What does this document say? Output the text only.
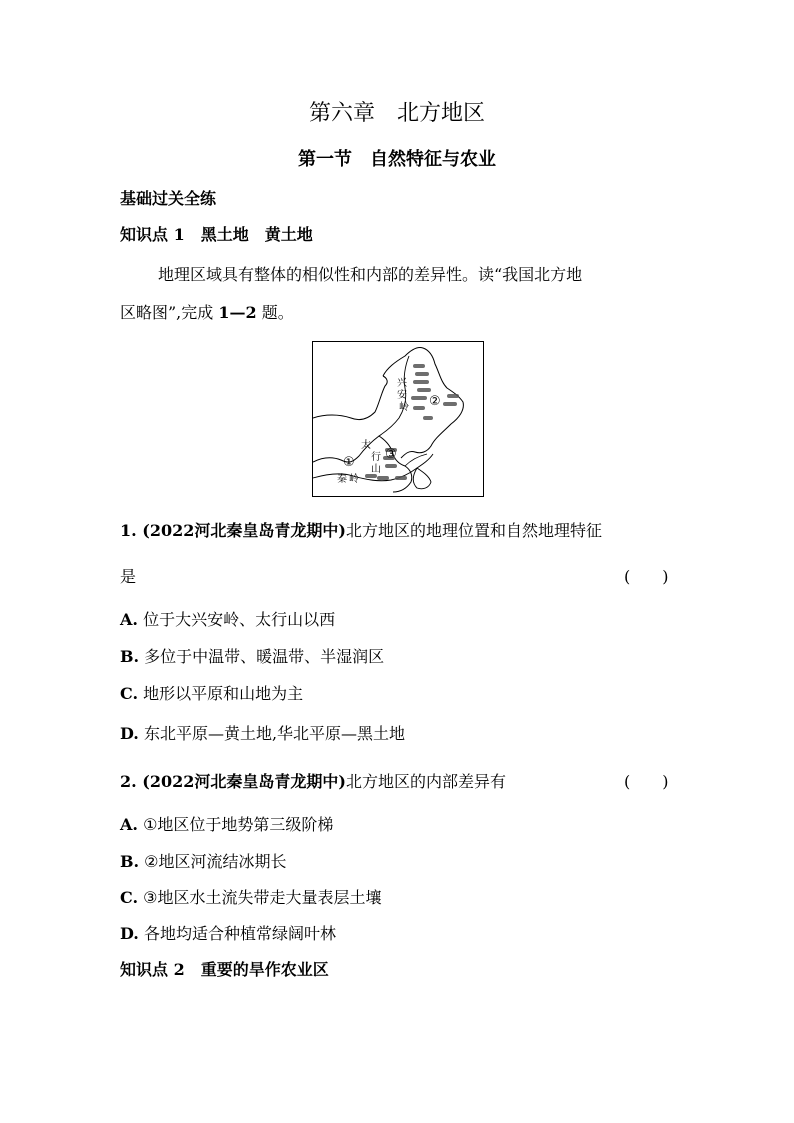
第六章　北方地区
第一节　自然特征与农业
基础过关全练
知识点 1　黑土地　黄土地
地理区域具有整体的相似性和内部的差异性。读“我国北方地
区略图”,完成 1—2 题。
兴
安
岭 ②
太
行
山
①
③
秦 岭
1. (2022河北秦皇岛青龙期中)北方地区的地理位置和自然地理特征
是	(　　)
A. 位于大兴安岭、太行山以西
B. 多位于中温带、暖温带、半湿润区
C. 地形以平原和山地为主
D. 东北平原—黄土地,华北平原—黑土地
2. (2022河北秦皇岛青龙期中)北方地区的内部差异有	(　　)
A. ①地区位于地势第三级阶梯
B. ②地区河流结冰期长
C. ③地区水土流失带走大量表层土壤
D. 各地均适合种植常绿阔叶林
知识点 2　重要的旱作农业区
